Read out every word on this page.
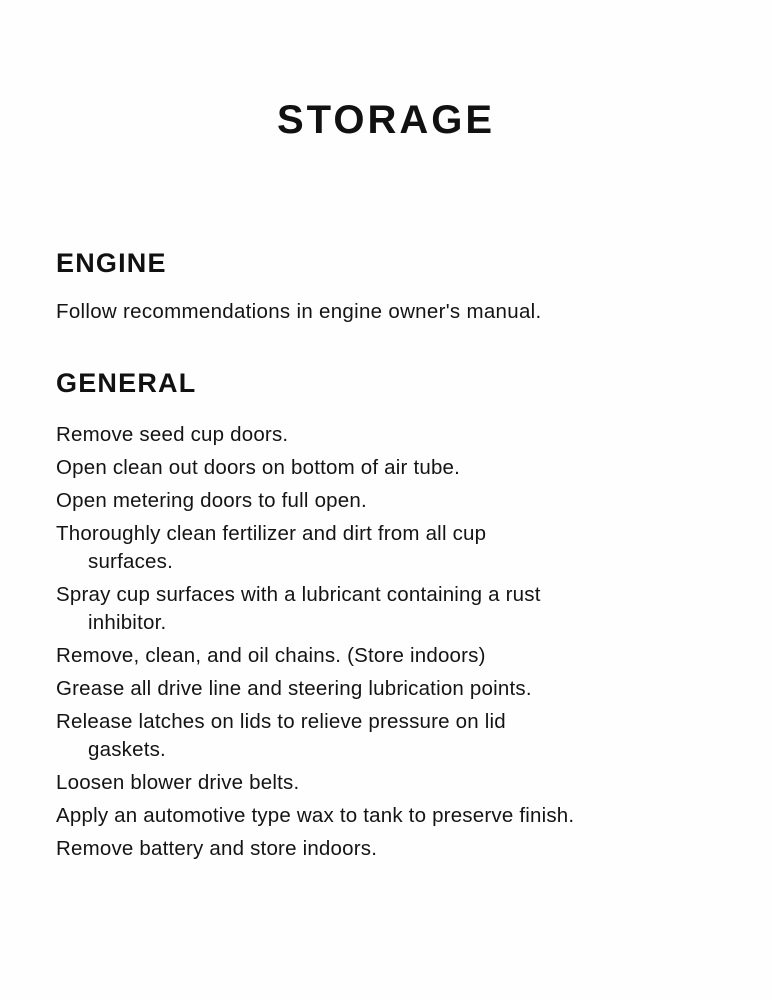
STORAGE
ENGINE

Follow recommendations in engine owner's manual.

GENERAL
Remove seed cup doors.
Open clean out doors on bottom of air tube.
Open metering doors to full open.
Thoroughly clean fertilizer and dirt from all cup
surfaces.
Spray cup surfaces with a lubricant containing a rust
inhibitor.
Remove, clean, and oil chains. (Store indoors)
Grease all drive line and steering lubrication points.
Release latches on lids to relieve pressure on lid
gaskets.
Loosen blower drive belts.
Apply an automotive type wax to tank to preserve finish.
Remove battery and store indoors.
